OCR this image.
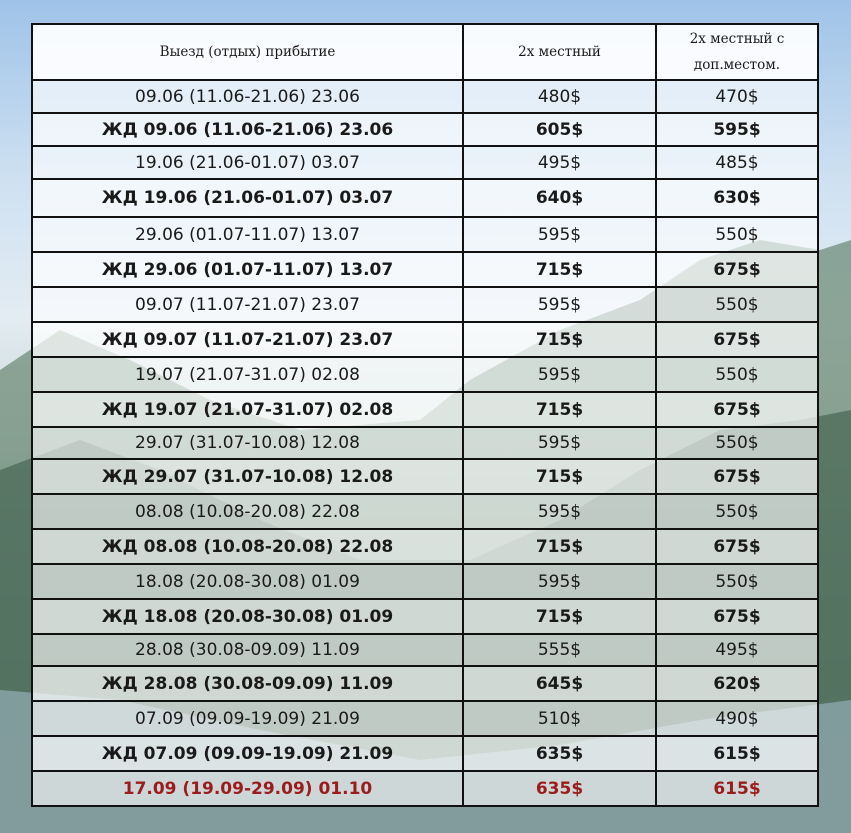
Выезд (отдых) прибытие	2х местный	2х местный с доп.местом.
09.06 (11.06-21.06) 23.06	480$	470$
ЖД 09.06 (11.06-21.06) 23.06	605$	595$
19.06 (21.06-01.07) 03.07	495$	485$
ЖД 19.06 (21.06-01.07) 03.07	640$	630$
29.06 (01.07-11.07) 13.07	595$	550$
ЖД 29.06 (01.07-11.07) 13.07	715$	675$
09.07 (11.07-21.07) 23.07	595$	550$
ЖД 09.07 (11.07-21.07) 23.07	715$	675$
19.07 (21.07-31.07) 02.08	595$	550$
ЖД 19.07 (21.07-31.07) 02.08	715$	675$
29.07 (31.07-10.08) 12.08	595$	550$
ЖД 29.07 (31.07-10.08) 12.08	715$	675$
08.08 (10.08-20.08) 22.08	595$	550$
ЖД 08.08 (10.08-20.08) 22.08	715$	675$
18.08 (20.08-30.08) 01.09	595$	550$
ЖД 18.08 (20.08-30.08) 01.09	715$	675$
28.08 (30.08-09.09) 11.09	555$	495$
ЖД 28.08 (30.08-09.09) 11.09	645$	620$
07.09 (09.09-19.09) 21.09	510$	490$
ЖД 07.09 (09.09-19.09) 21.09	635$	615$
17.09 (19.09-29.09) 01.10	635$	615$
